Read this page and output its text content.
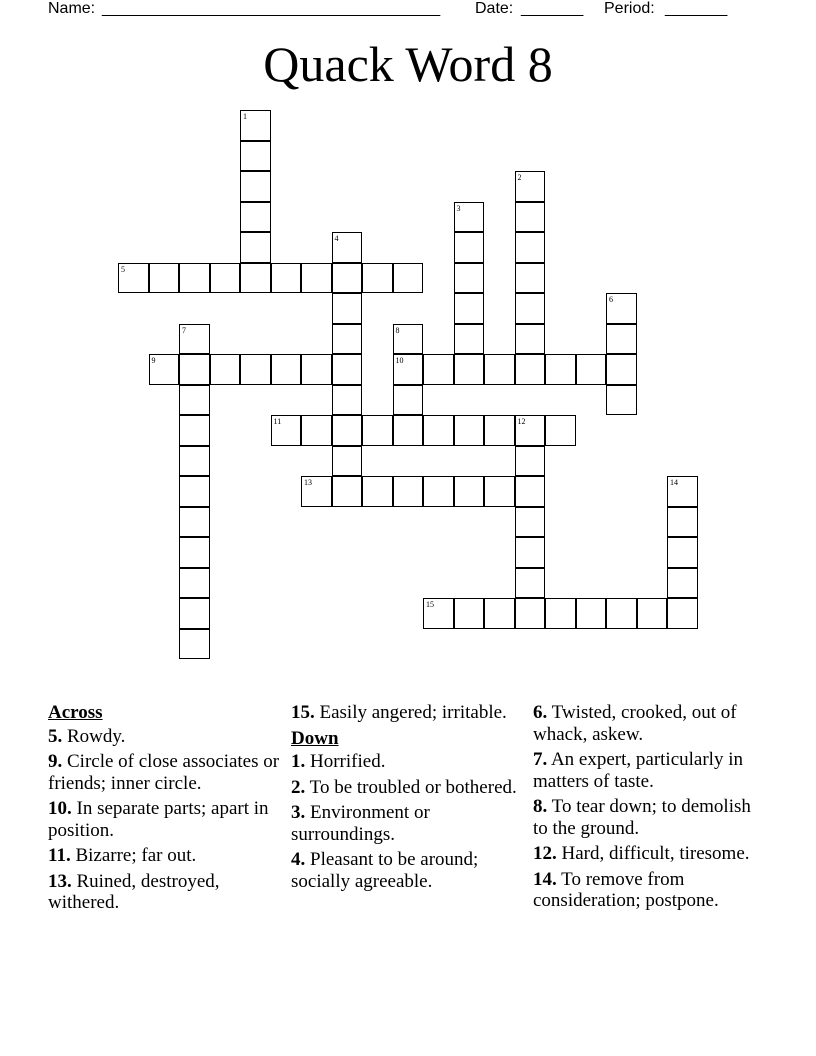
Name:

______________________________________

Date:

_______

Period:

_______

Quack Word 8
1
2
3
4
5
6
7	8
10
9
11	12
13	14
15
Across
5. Rowdy.
9. Circle of close associates or friends; inner circle.
10. In separate parts; apart in position.
11. Bizarre; far out.
13. Ruined, destroyed, withered.
15. Easily angered; irritable.
Down
1. Horrified.
2. To be troubled or bothered.
3. Environment or surroundings.
4. Pleasant to be around; socially agreeable.
6. Twisted, crooked, out of whack, askew.
7. An expert, particularly in matters of taste.
8. To tear down; to demolish to the ground.
12. Hard, difficult, tiresome.
14. To remove from consideration; postpone.
